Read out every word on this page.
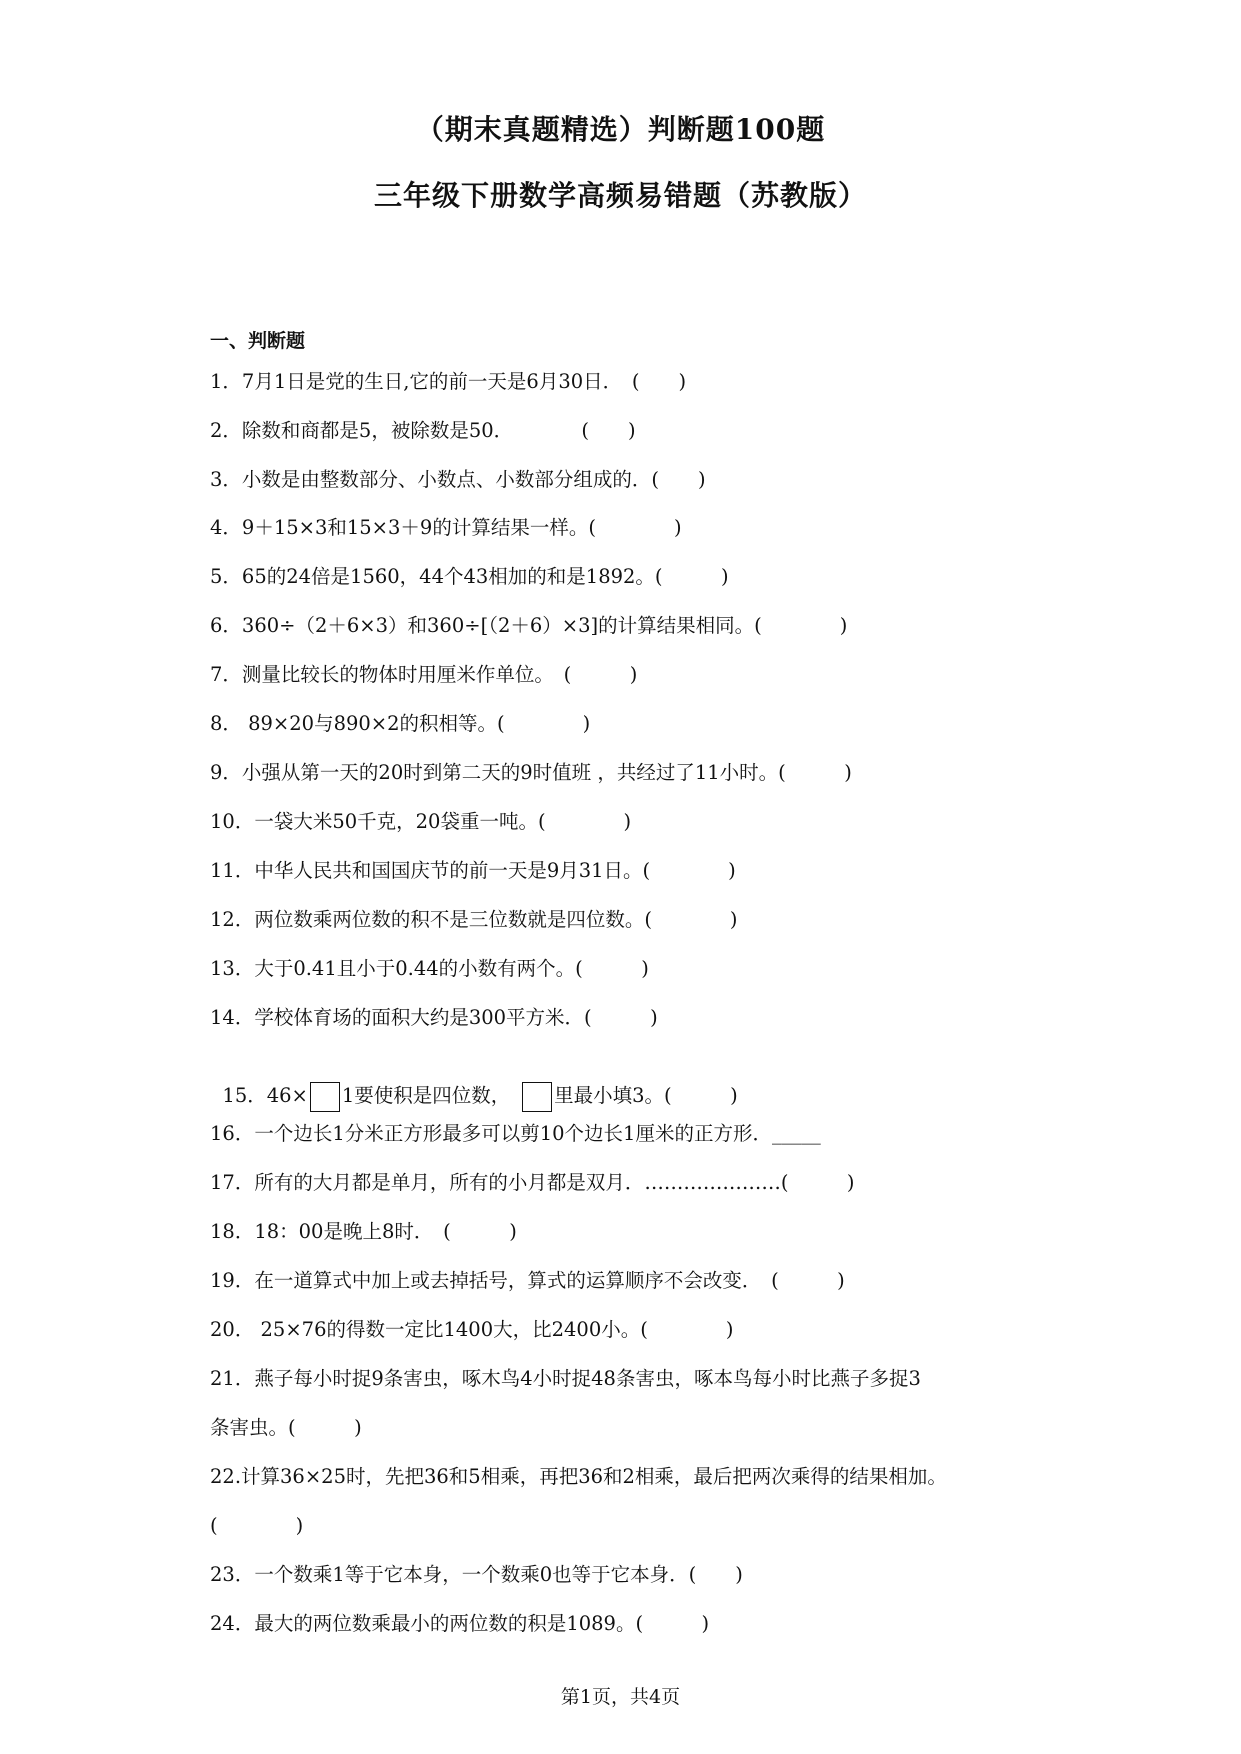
（期末真题精选）判断题100题
三年级下册数学高频易错题（苏教版）
一、判断题
1．7月1日是党的生日,它的前一天是6月30日．　(　　)
2．除数和商都是5，被除数是50．　　　　(　　)
3．小数是由整数部分、小数点、小数部分组成的．(　　)
4．9＋15×3和15×3＋9的计算结果一样。(　　　　)
5．65的24倍是1560，44个43相加的和是1892。(　　　)
6．360÷（2＋6×3）和360÷[（2＋6）×3]的计算结果相同。(　　　　)
7．测量比较长的物体时用厘米作单位。　(　　　)
8． 89×20与890×2的积相等。(　　　　)
9．小强从第一天的20时到第二天的9时值班 ，共经过了11小时。(　　　)
10．一袋大米50千克，20袋重一吨。(　　　　)
11．中华人民共和国国庆节的前一天是9月31日。(　　　　)
12．两位数乘两位数的积不是三位数就是四位数。(　　　　)
13．大于0.41且小于0.44的小数有两个。(　　　)
14．学校体育场的面积大约是300平方米．(　　　)

15．46× 1要使积是四位数，　	里最小填3。(　　　)

16．一个边长1分米正方形最多可以剪10个边长1厘米的正方形．_____
17．所有的大月都是单月，所有的小月都是双月．…………………(　　　)
18．18：00是晚上8时．　(　　　)
19．在一道算式中加上或去掉括号，算式的运算顺序不会改变．　(　　　)
20． 25×76的得数一定比1400大，比2400小。(　　　　)
21．燕子每小时捉9条害虫，啄木鸟4小时捉48条害虫，啄本鸟每小时比燕子多捉3
条害虫。(　　　)
22.计算36×25时，先把36和5相乘，再把36和2相乘，最后把两次乘得的结果相加。
(　　　　)
23．一个数乘1等于它本身，一个数乘0也等于它本身．(　　)
24．最大的两位数乘最小的两位数的积是1089。(　　　)
第1页，共4页
